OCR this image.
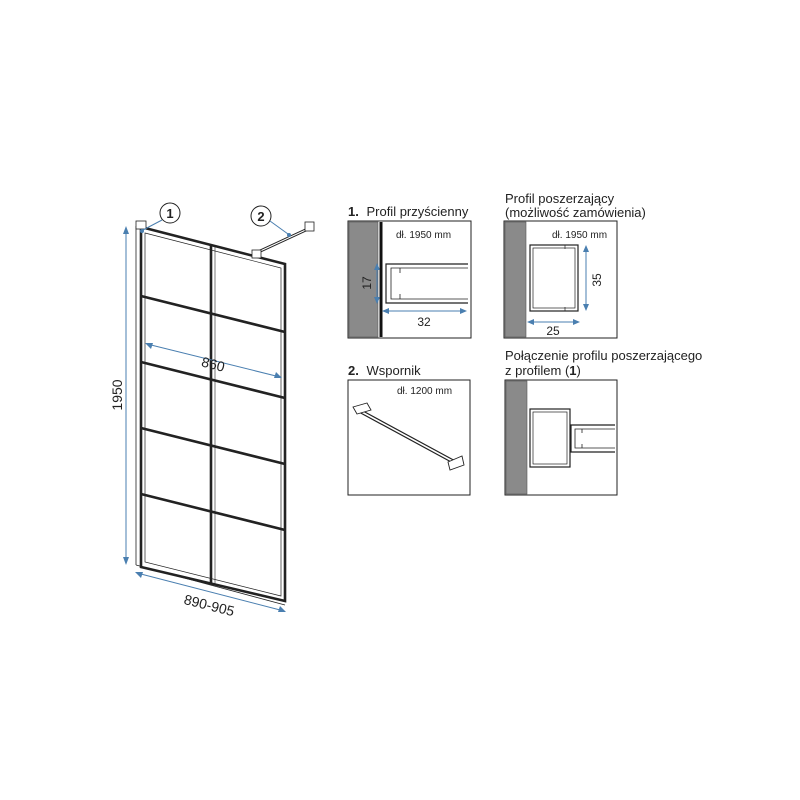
1	2
1950
860
890-905
1. Profil przyścienny
dł. 1950 mm
17
32
Profil poszerzający
(możliwość zamówienia)
dł. 1950 mm
35
25
2. Wspornik
dł. 1200 mm
Połączenie profilu poszerzającego
z profilem (1)
